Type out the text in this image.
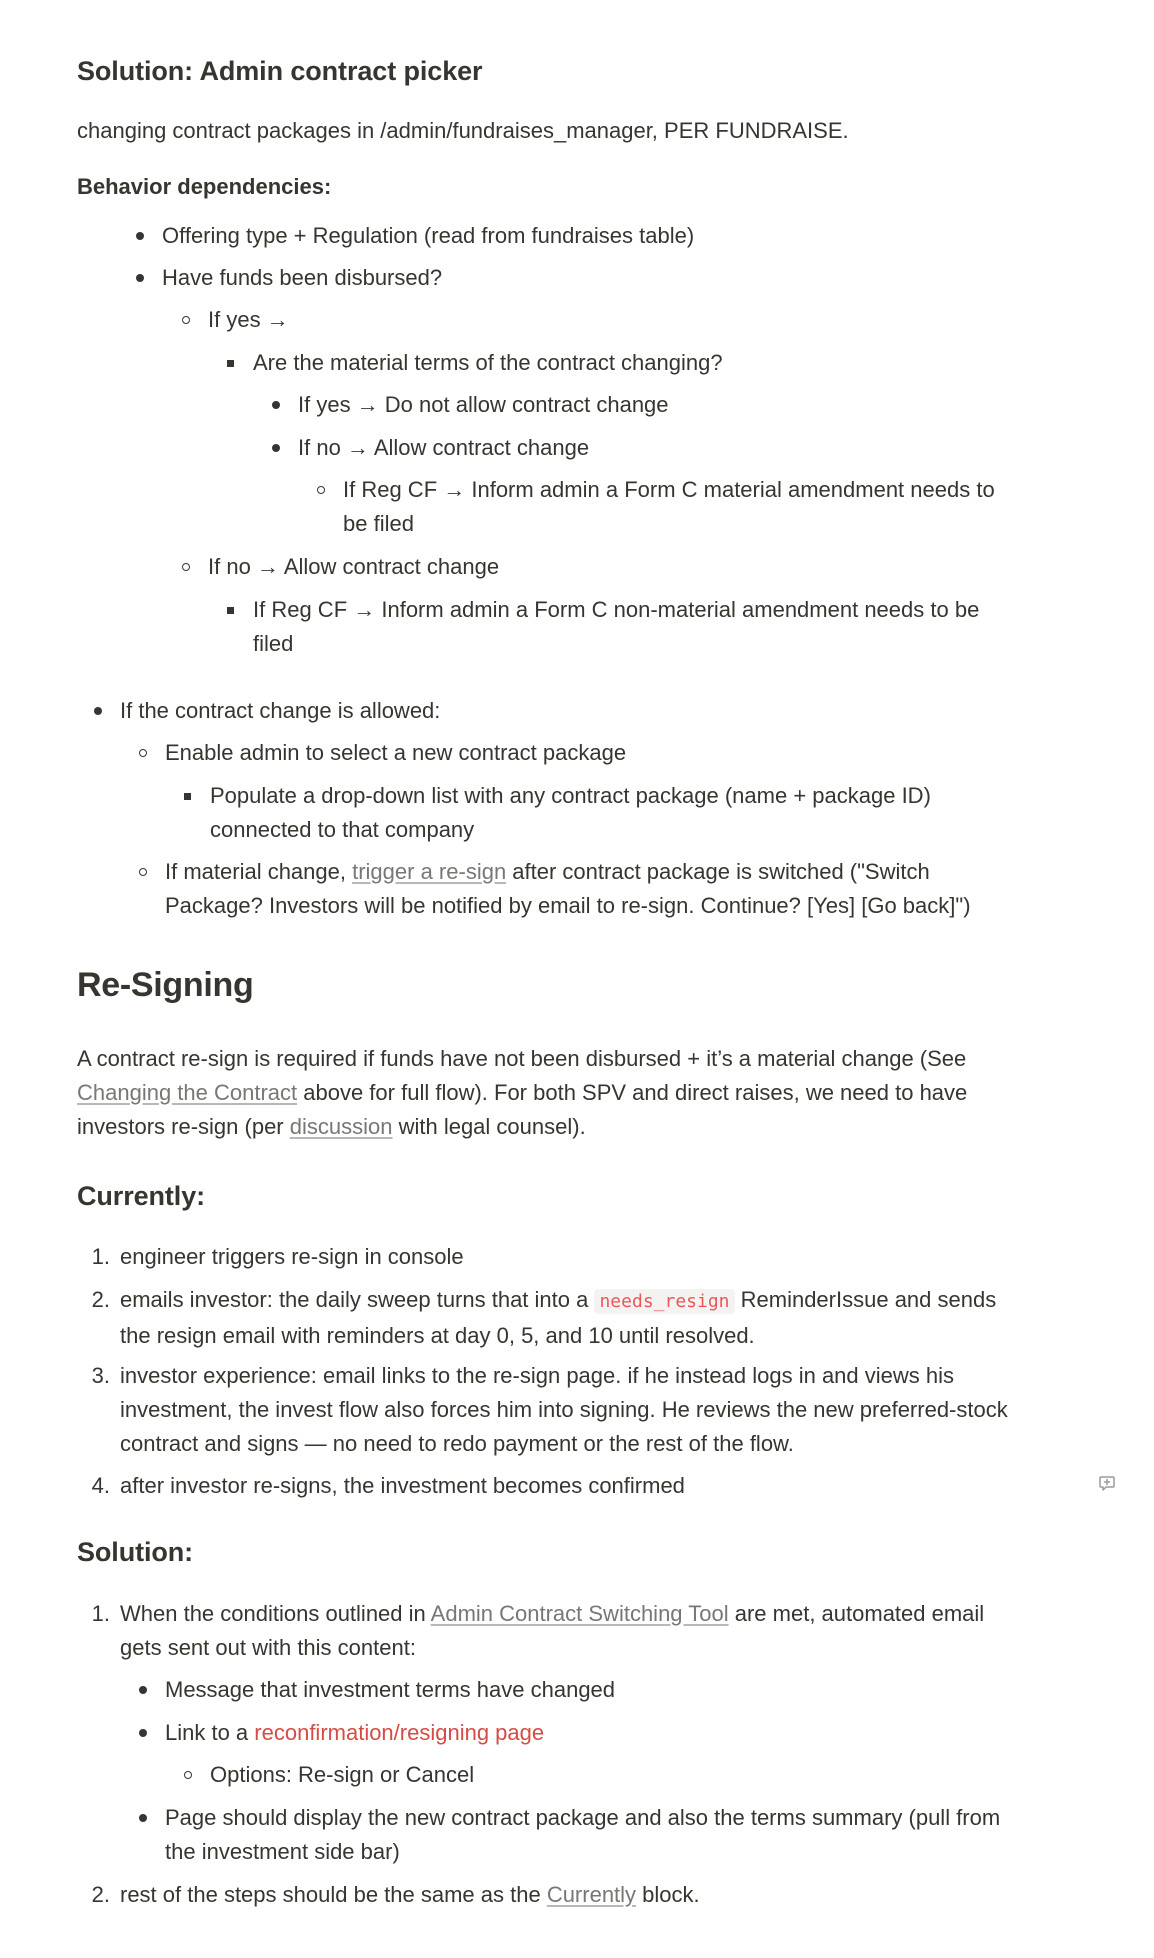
Solution: Admin contract picker

changing contract packages in /admin/fundraises_manager, PER FUNDRAISE.

Behavior dependencies:

Offering type + Regulation (read from fundraises table)
Have funds been disbursed?
If yes →
Are the material terms of the contract changing?
If yes → Do not allow contract change
If no → Allow contract change
If Reg CF → Inform admin a Form C material amendment needs to
be filed
If no → Allow contract change
If Reg CF → Inform admin a Form C non-material amendment needs to be
filed
If the contract change is allowed:
Enable admin to select a new contract package
Populate a drop-down list with any contract package (name + package ID)
connected to that company
If material change, trigger a re-sign after contract package is switched ("Switch
Package? Investors will be notified by email to re-sign. Continue? [Yes] [Go back]")
Re-Signing

A contract re-sign is required if funds have not been disbursed + it’s a material change (See
Changing the Contract above for full flow). For both SPV and direct raises, we need to have
investors re-sign (per discussion with legal counsel).

Currently:
1. engineer triggers re-sign in console
2. emails investor: the daily sweep turns that into a needs_resign ReminderIssue and sends
the resign email with reminders at day 0, 5, and 10 until resolved.
3. investor experience: email links to the re-sign page. if he instead logs in and views his
investment, the invest flow also forces him into signing. He reviews the new preferred-stock
contract and signs — no need to redo payment or the rest of the flow.
4. after investor re-signs, the investment becomes confirmed
Solution:
1. When the conditions outlined in Admin Contract Switching Tool are met, automated email
gets sent out with this content:
Message that investment terms have changed
Link to a reconfirmation/resigning page
Options: Re-sign or Cancel
Page should display the new contract package and also the terms summary (pull from
the investment side bar)
2. rest of the steps should be the same as the Currently block.
